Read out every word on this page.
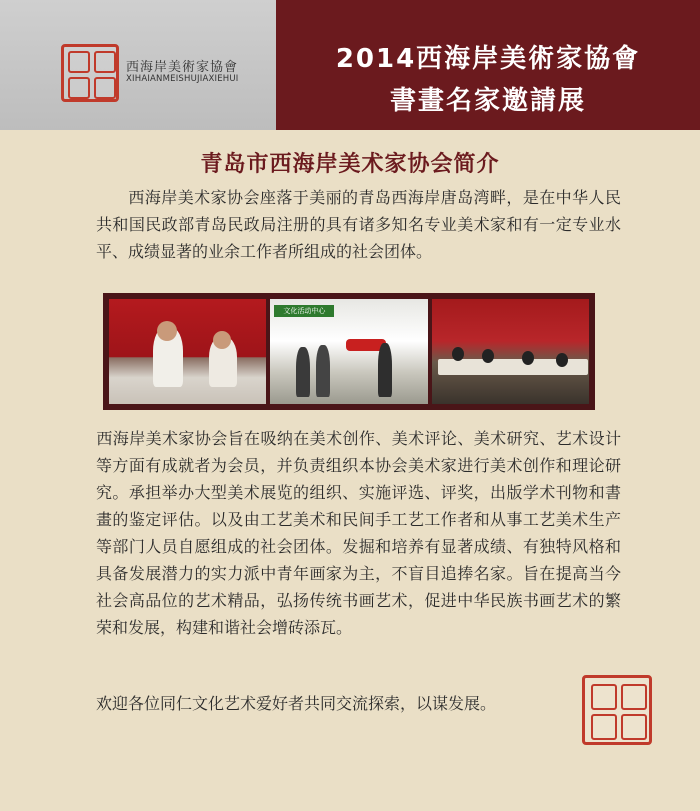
西海岸美術家協會
XIHAIANMEISHUJIAXIEHUI
2014西海岸美術家協會
書畫名家邀請展
青岛市西海岸美术家协会简介

西海岸美术家协会座落于美丽的青岛西海岸唐岛湾畔，是在中华人民共和国民政部青岛民政局注册的具有诸多知名专业美术家和有一定专业水平、成绩显著的业余工作者所组成的社会团体。

文化活动中心

西海岸美术家协会旨在吸纳在美术创作、美术评论、美术研究、艺术设计等方面有成就者为会员，并负责组织本协会美术家进行美术创作和理论研究。承担举办大型美术展览的组织、实施评选、评奖，出版学术刊物和書畫的鉴定评估。以及由工艺美术和民间手工艺工作者和从事工艺美术生产等部门人员自愿组成的社会团体。发掘和培养有显著成绩、有独特风格和具备发展潜力的实力派中青年画家为主，不盲目追捧名家。旨在提高当今社会高品位的艺术精品，弘扬传统书画艺术，促进中华民族书画艺术的繁荣和发展，构建和谐社会增砖添瓦。

欢迎各位同仁文化艺术爱好者共同交流探索，以谋发展。
